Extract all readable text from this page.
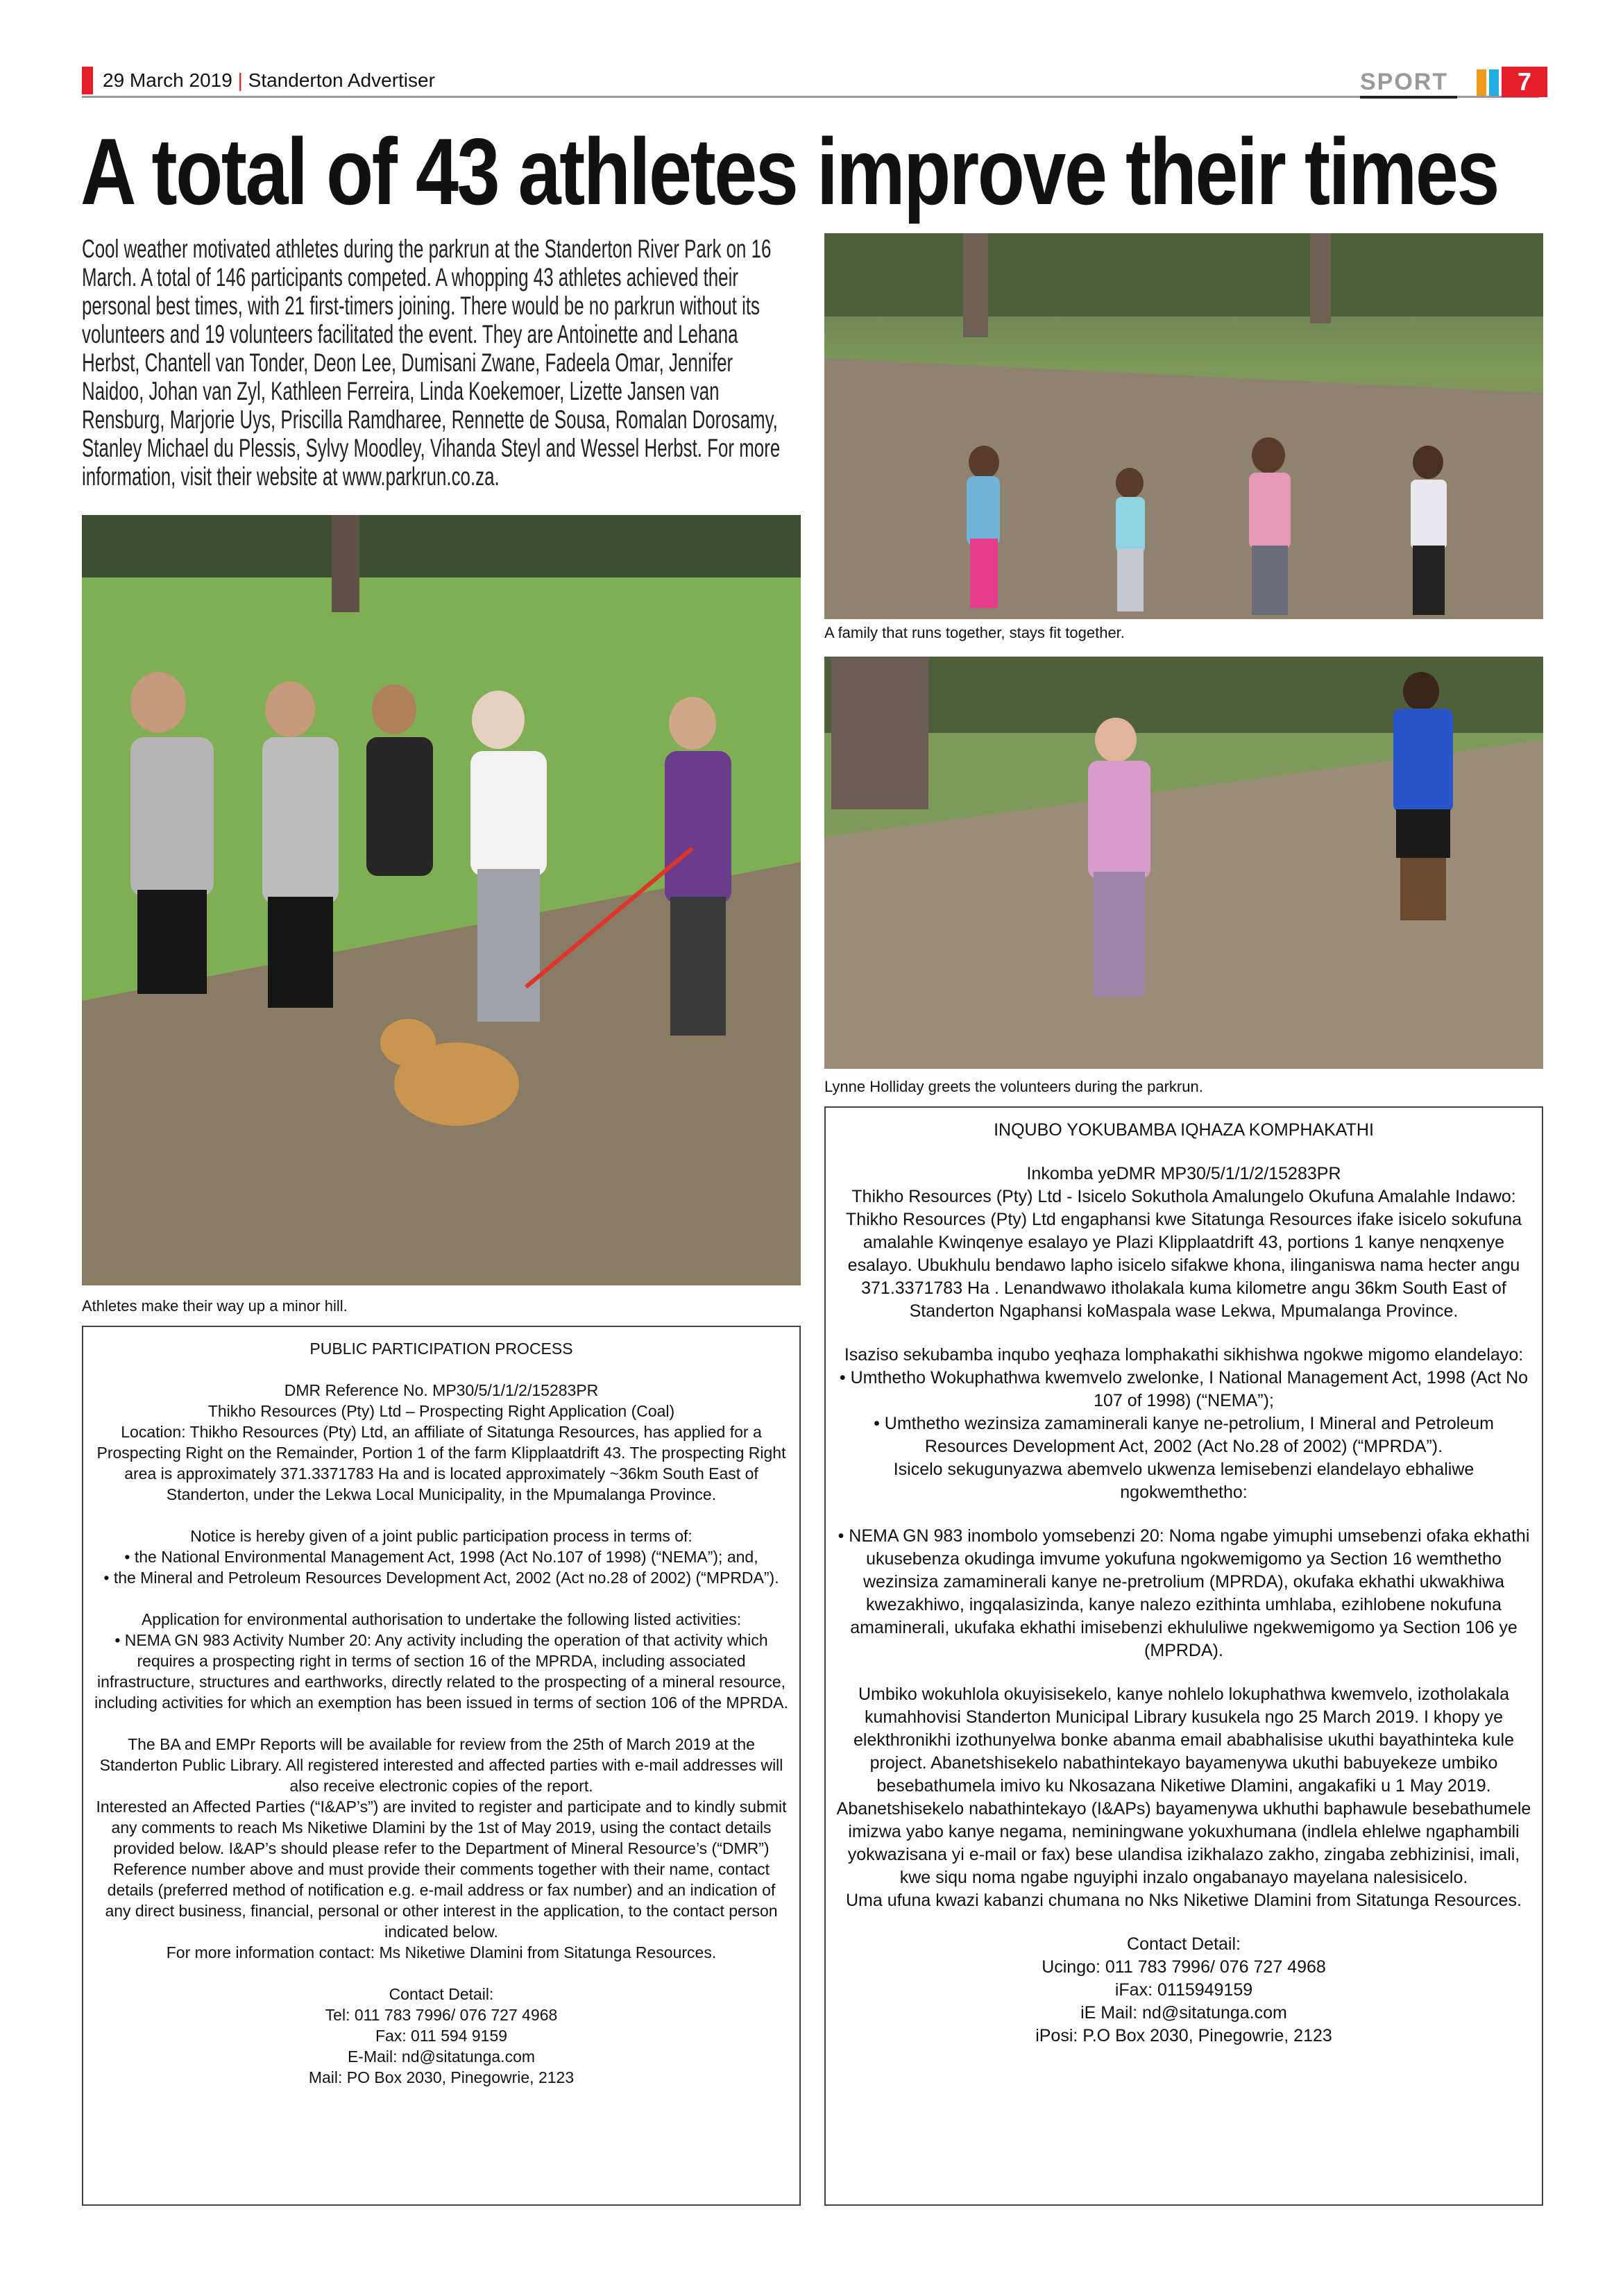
29 March 2019 | Standerton Advertiser	SPORT	7
A total of 43 athletes improve their times
Cool weather motivated athletes during the parkrun at the Standerton River Park on 16 March. A total of 146 participants competed. A whopping 43 athletes achieved their personal best times, with 21 first-timers joining. There would be no parkrun without its volunteers and 19 volunteers facilitated the event. They are Antoinette and Lehana Herbst, Chantell van Tonder, Deon Lee, Dumisani Zwane, Fadeela Omar, Jennifer Naidoo, Johan van Zyl, Kathleen Ferreira, Linda Koekemoer, Lizette Jansen van Rensburg, Marjorie Uys, Priscilla Ramdharee, Rennette de Sousa, Romalan Dorosamy, Stanley Michael du Plessis, Sylvy Moodley, Vihanda Steyl and Wessel Herbst. For more information, visit their website at www.parkrun.co.za.
A family that runs together, stays fit together.
Lynne Holliday greets the volunteers during the parkrun.
Athletes make their way up a minor hill.

PUBLIC PARTICIPATION PROCESS

DMR Reference No. MP30/5/1/1/2/15283PR

Thikho Resources (Pty) Ltd – Prospecting Right Application (Coal)

Location: Thikho Resources (Pty) Ltd, an affiliate of Sitatunga Resources, has applied for a Prospecting Right on the Remainder, Portion 1 of the farm Klipplaatdrift 43. The prospecting Right area is approximately 371.3371783 Ha and is located approximately ~36km South East of Standerton, under the Lekwa Local Municipality, in the Mpumalanga Province.

Notice is hereby given of a joint public participation process in terms of:

• the National Environmental Management Act, 1998 (Act No.107 of 1998) (“NEMA”); and,

• the Mineral and Petroleum Resources Development Act, 2002 (Act no.28 of 2002) (“MPRDA”).

Application for environmental authorisation to undertake the following listed activities:

• NEMA GN 983 Activity Number 20: Any activity including the operation of that activity which requires a prospecting right in terms of section 16 of the MPRDA, including associated infrastructure, structures and earthworks, directly related to the prospecting of a mineral resource, including activities for which an exemption has been issued in terms of section 106 of the MPRDA.

The BA and EMPr Reports will be available for review from the 25th of March 2019 at the Standerton Public Library. All registered interested and affected parties with e-mail addresses will also receive electronic copies of the report.

Interested an Affected Parties (“I&AP’s”) are invited to register and participate and to kindly submit any comments to reach Ms Niketiwe Dlamini by the 1st of May 2019, using the contact details provided below. I&AP’s should please refer to the Department of Mineral Resource’s (“DMR”) Reference number above and must provide their comments together with their name, contact details (preferred method of notification e.g. e-mail address or fax number) and an indication of any direct business, financial, personal or other interest in the application, to the contact person indicated below.

For more information contact: Ms Niketiwe Dlamini from Sitatunga Resources.

Contact Detail:

Tel: 011 783 7996/ 076 727 4968

Fax: 011 594 9159

E-Mail: nd@sitatunga.com

Mail: PO Box 2030, Pinegowrie, 2123

INQUBO YOKUBAMBA IQHAZA KOMPHAKATHI

Inkomba yeDMR MP30/5/1/1/2/15283PR

Thikho Resources (Pty) Ltd - Isicelo Sokuthola Amalungelo Okufuna Amalahle Indawo: Thikho Resources (Pty) Ltd engaphansi kwe Sitatunga Resources ifake isicelo sokufuna amalahle Kwinqenye esalayo ye Plazi Klipplaatdrift 43, portions 1 kanye nenqxenye esalayo. Ubukhulu bendawo lapho isicelo sifakwe khona, ilinganiswa nama hecter angu 371.3371783 Ha . Lenandwawo itholakala kuma kilometre angu 36km South East of Standerton Ngaphansi koMaspala wase Lekwa, Mpumalanga Province.

Isaziso sekubamba inqubo yeqhaza lomphakathi sikhishwa ngokwe migomo elandelayo:

• Umthetho Wokuphathwa kwemvelo zwelonke, I National Management Act, 1998 (Act No 107 of 1998) (“NEMA”);

• Umthetho wezinsiza zamaminerali kanye ne-petrolium, I Mineral and Petroleum Resources Development Act, 2002 (Act No.28 of 2002) (“MPRDA”).

Isicelo sekugunyazwa abemvelo ukwenza lemisebenzi elandelayo ebhaliwe ngokwemthetho:

• NEMA GN 983 inombolo yomsebenzi 20: Noma ngabe yimuphi umsebenzi ofaka ekhathi ukusebenza okudinga imvume yokufuna ngokwemigomo ya Section 16 wemthetho wezinsiza zamaminerali kanye ne-pretrolium (MPRDA), okufaka ekhathi ukwakhiwa kwezakhiwo, ingqalasizinda, kanye nalezo ezithinta umhlaba, ezihlobene nokufuna amaminerali, ukufaka ekhathi imisebenzi ekhululiwe ngekwemigomo ya Section 106 ye (MPRDA).

Umbiko wokuhlola okuyisisekelo, kanye nohlelo lokuphathwa kwemvelo, izotholakala kumahhovisi Standerton Municipal Library kusukela ngo 25 March 2019. I khopy ye elekthronikhi izothunyelwa bonke abanma email ababhalisise ukuthi bayathinteka kule project. Abanetshisekelo nabathintekayo bayamenywa ukuthi babuyekeze umbiko besebathumela imivo ku Nkosazana Niketiwe Dlamini, angakafiki u 1 May 2019.

Abanetshisekelo nabathintekayo (I&APs) bayamenywa ukhuthi baphawule besebathumele imizwa yabo kanye negama, neminingwane yokuxhumana (indlela ehlelwe ngaphambili yokwazisana yi e-mail or fax) bese ulandisa izikhalazo zakho, zingaba zebhizinisi, imali, kwe siqu noma ngabe nguyiphi inzalo ongabanayo mayelana nalesisicelo.

Uma ufuna kwazi kabanzi chumana no Nks Niketiwe Dlamini from Sitatunga Resources.

Contact Detail:

Ucingo: 011 783 7996/ 076 727 4968

iFax: 0115949159

iE Mail: nd@sitatunga.com

iPosi: P.O Box 2030, Pinegowrie, 2123
